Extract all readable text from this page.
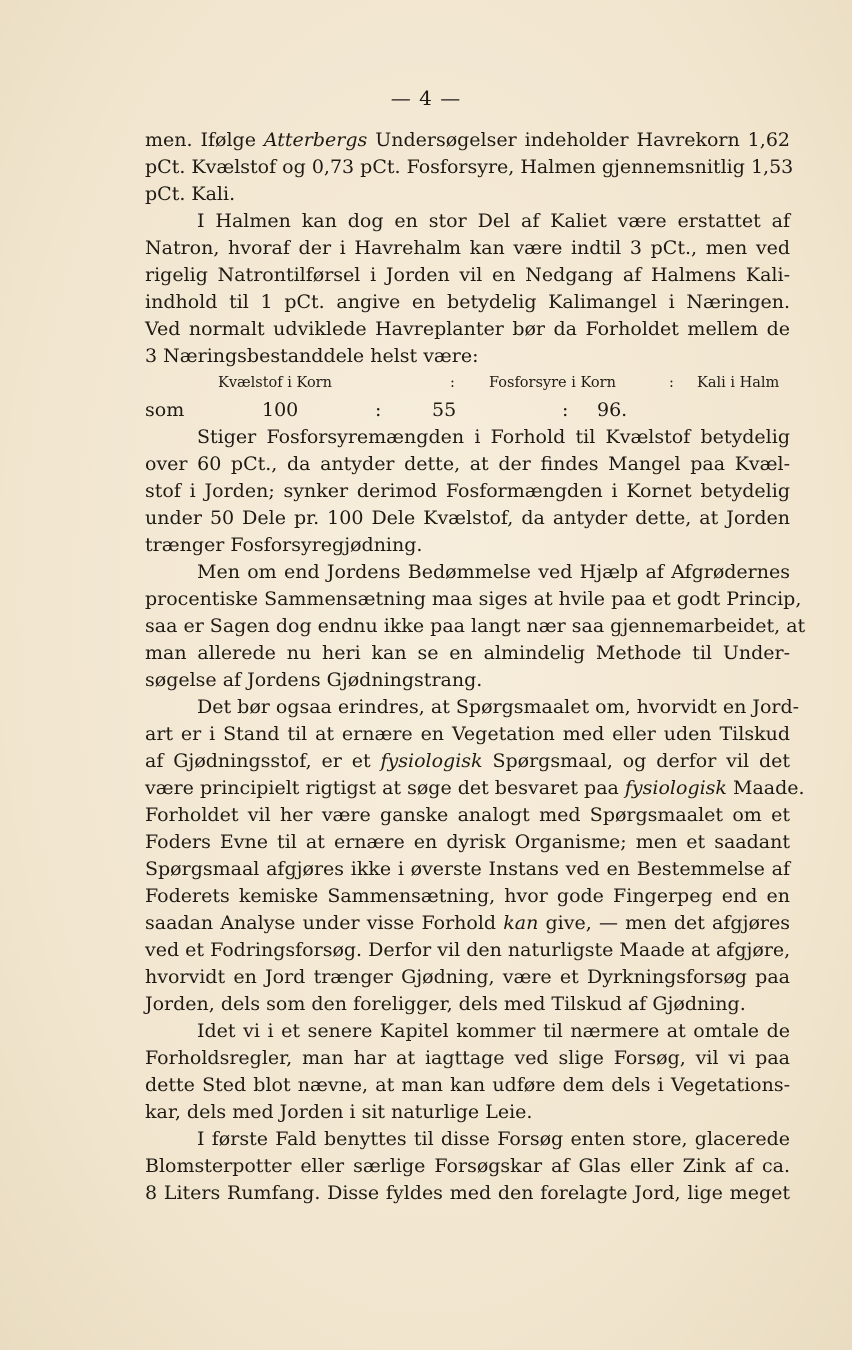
— 4 —
men. Ifølge Atterbergs Undersøgelser indeholder Havrekorn 1,62
pCt. Kvælstof og 0,73 pCt. Fosforsyre, Halmen gjennemsnitlig 1,53
pCt. Kali.
I Halmen kan dog en stor Del af Kaliet være erstattet af
Natron, hvoraf der i Havrehalm kan være indtil 3 pCt., men ved
rigelig Natrontilførsel i Jorden vil en Nedgang af Halmens Kali-
indhold til 1 pCt. angive en betydelig Kalimangel i Næringen.
Ved normalt udviklede Havreplanter bør da Forholdet mellem de
3 Næringsbestanddele helst være:
Kvælstof i Korn	:	Fosforsyre i Korn	:	Kali i Halm
som	100	:	55	:	96.
Stiger Fosforsyremængden i Forhold til Kvælstof betydelig
over 60 pCt., da antyder dette, at der findes Mangel paa Kvæl-
stof i Jorden; synker derimod Fosformængden i Kornet betydelig
under 50 Dele pr. 100 Dele Kvælstof, da antyder dette, at Jorden
trænger Fosforsyregjødning.
Men om end Jordens Bedømmelse ved Hjælp af Afgrødernes
procentiske Sammensætning maa siges at hvile paa et godt Princip,
saa er Sagen dog endnu ikke paa langt nær saa gjennemarbeidet, at
man allerede nu heri kan se en almindelig Methode til Under-
søgelse af Jordens Gjødningstrang.
Det bør ogsaa erindres, at Spørgsmaalet om, hvorvidt en Jord-
art er i Stand til at ernære en Vegetation med eller uden Tilskud
af Gjødningsstof, er et fysiologisk Spørgsmaal, og derfor vil det
være principielt rigtigst at søge det besvaret paa fysiologisk Maade.
Forholdet vil her være ganske analogt med Spørgsmaalet om et
Foders Evne til at ernære en dyrisk Organisme; men et saadant
Spørgsmaal afgjøres ikke i øverste Instans ved en Bestemmelse af
Foderets kemiske Sammensætning, hvor gode Fingerpeg end en
saadan Analyse under visse Forhold kan give, — men det afgjøres
ved et Fodringsforsøg. Derfor vil den naturligste Maade at afgjøre,
hvorvidt en Jord trænger Gjødning, være et Dyrkningsforsøg paa
Jorden, dels som den foreligger, dels med Tilskud af Gjødning.
Idet vi i et senere Kapitel kommer til nærmere at omtale de
Forholdsregler, man har at iagttage ved slige Forsøg, vil vi paa
dette Sted blot nævne, at man kan udføre dem dels i Vegetations-
kar, dels med Jorden i sit naturlige Leie.
I første Fald benyttes til disse Forsøg enten store, glacerede
Blomsterpotter eller særlige Forsøgskar af Glas eller Zink af ca.
8 Liters Rumfang. Disse fyldes med den forelagte Jord, lige meget
